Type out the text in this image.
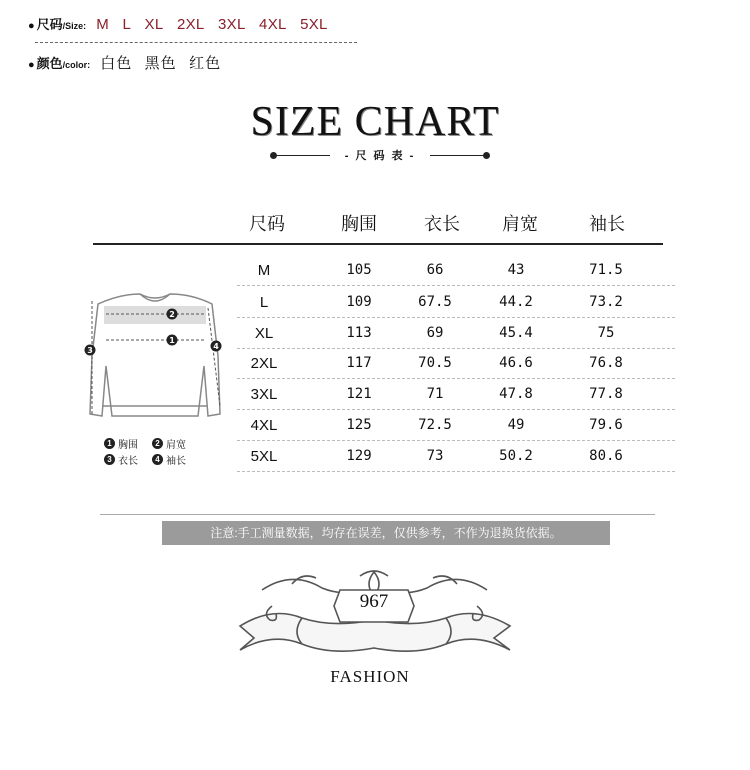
● 尺码 /Size: M L XL 2XL 3XL 4XL 5XL
● 颜色 /color: 白色 黑色 红色
SIZE CHART
- 尺 码 表 -
尺码	胸围	衣长	肩宽	袖长
M	105	66	43	71.5
L	109	67.5	44.2	73.2
XL	113	69	45.4	75
2XL	117	70.5	46.6	76.8
3XL	121	71	47.8	77.8
4XL	125	72.5	49	79.6
5XL	129	73	50.2	80.6
2
1
3	4
1 胸围	2 肩宽
3 衣长	4 袖长
注意:手工测量数据，均存在误差，仅供参考，不作为退换货依据。
967
FASHION
